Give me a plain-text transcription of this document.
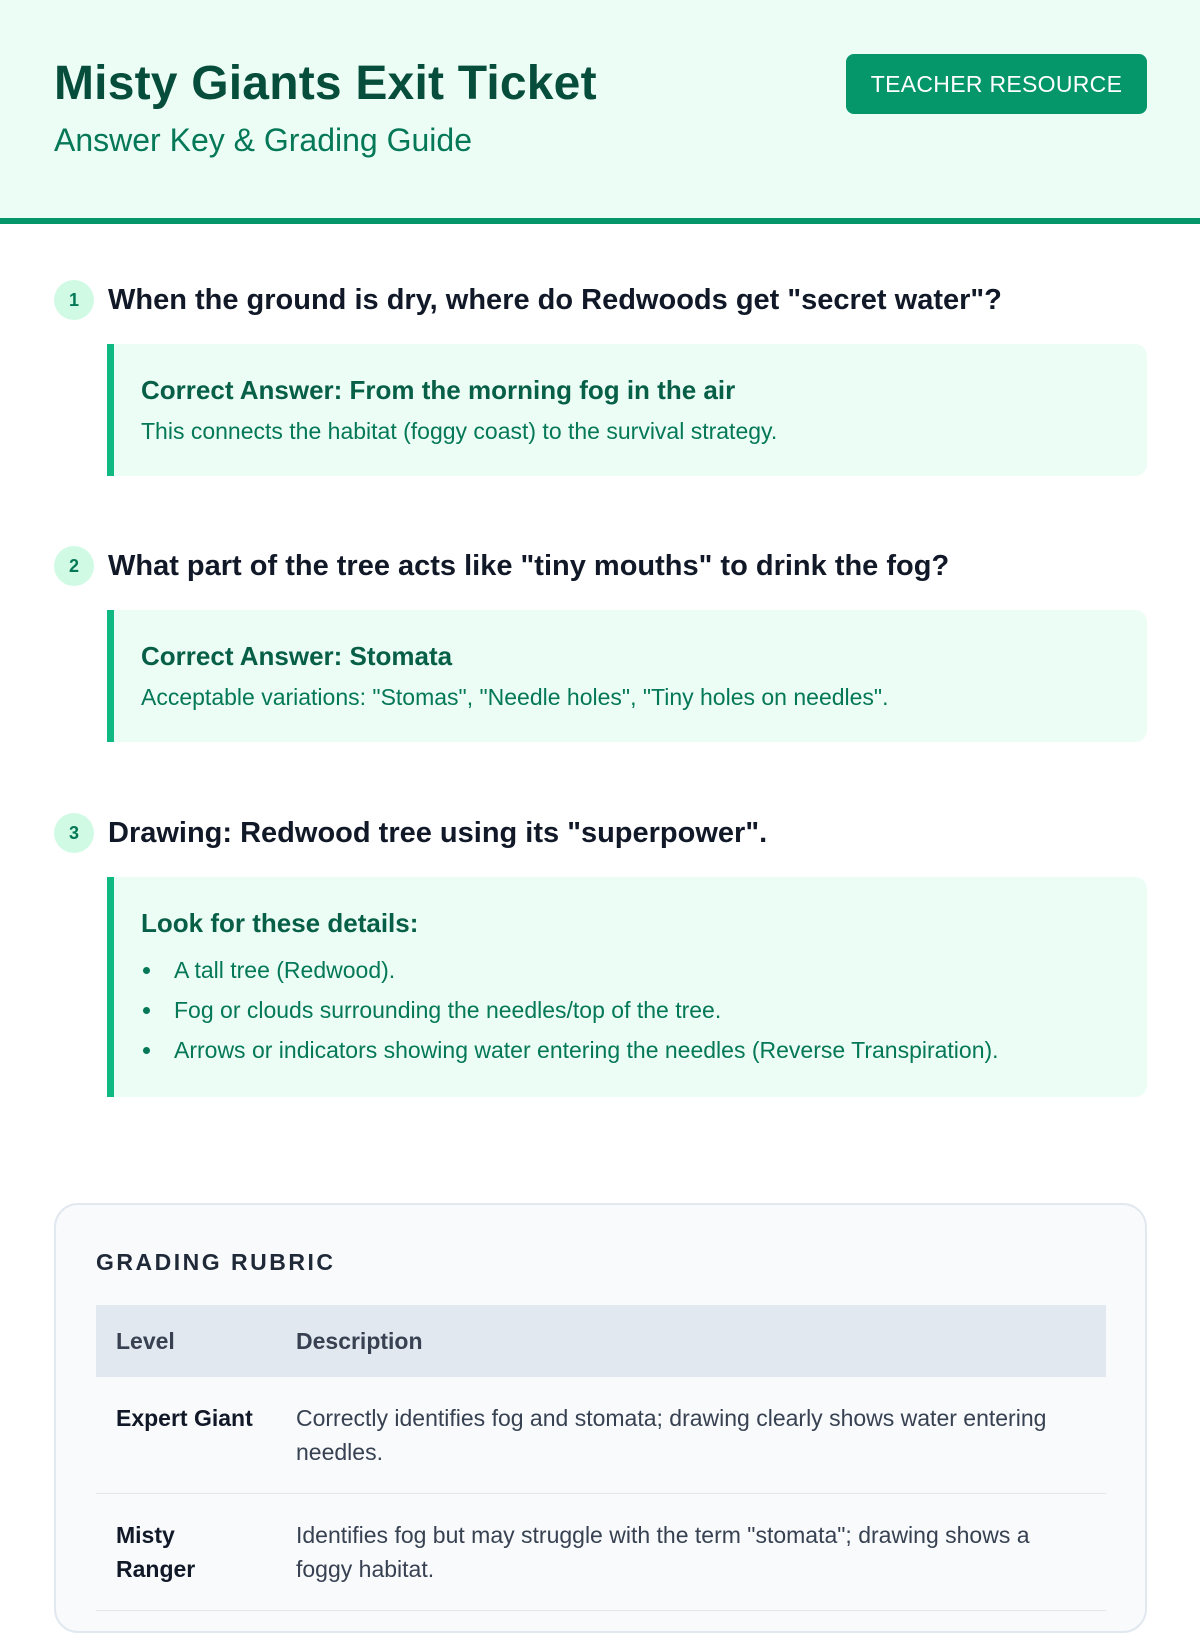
Misty Giants Exit Ticket
Answer Key & Grading Guide
TEACHER RESOURCE
1	When the ground is dry, where do Redwoods get "secret water"?
Correct Answer: From the morning fog in the air
This connects the habitat (foggy coast) to the survival strategy.
2	What part of the tree acts like "tiny mouths" to drink the fog?
Correct Answer: Stomata
Acceptable variations: "Stomas", "Needle holes", "Tiny holes on needles".
3	Drawing: Redwood tree using its "superpower".
Look for these details:
A tall tree (Redwood).
Fog or clouds surrounding the needles/top of the tree.
Arrows or indicators showing water entering the needles (Reverse Transpiration).
GRADING RUBRIC
Level	Description
Expert Giant	Correctly identifies fog and stomata; drawing clearly shows water entering needles.
Misty Ranger	Identifies fog but may struggle with the term "stomata"; drawing shows a foggy habitat.
